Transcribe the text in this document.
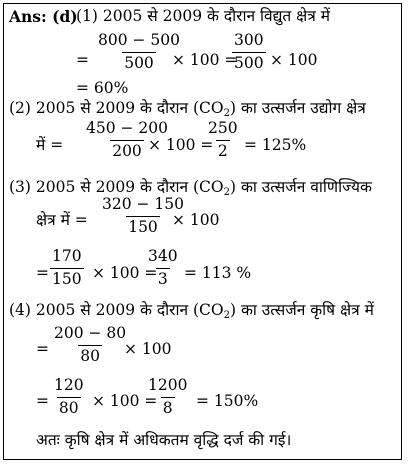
Ans: (d)
(1) 2005 से 2009 के दौरान विद्युत क्षेत्र में
= $\frac{800 - 500}{500}$
× 100 =
$\frac{300}{500} \times 100$
= 60%
(2) 2005 से 2009 के दौरान $(CO_2)$ का उत्सर्जन उद्योग क्षेत्र
में = $\frac{450 - 200}{200}$
× 100 =
$\frac{250}{2} = 125\%$
(3) 2005 से 2009 के दौरान $(CO_2)$ का उत्सर्जन वाणिज्यिक
क्षेत्र में = $\frac{320 - 150}{150}$
× 100
= $\frac{170}{150} \times 100$ =
$\frac{340}{3} = 113$ %
(4) 2005 से 2009 के दौरान $(CO_2)$ का उत्सर्जन कृषि क्षेत्र में
= $\frac{200 - 80}{80}$
× 100
= $\frac{120}{80} \times 100$ =
$\frac{1200}{8} = 150\%$
अतः कृषि क्षेत्र में अधिकतम वृद्धि दर्ज की गई।
